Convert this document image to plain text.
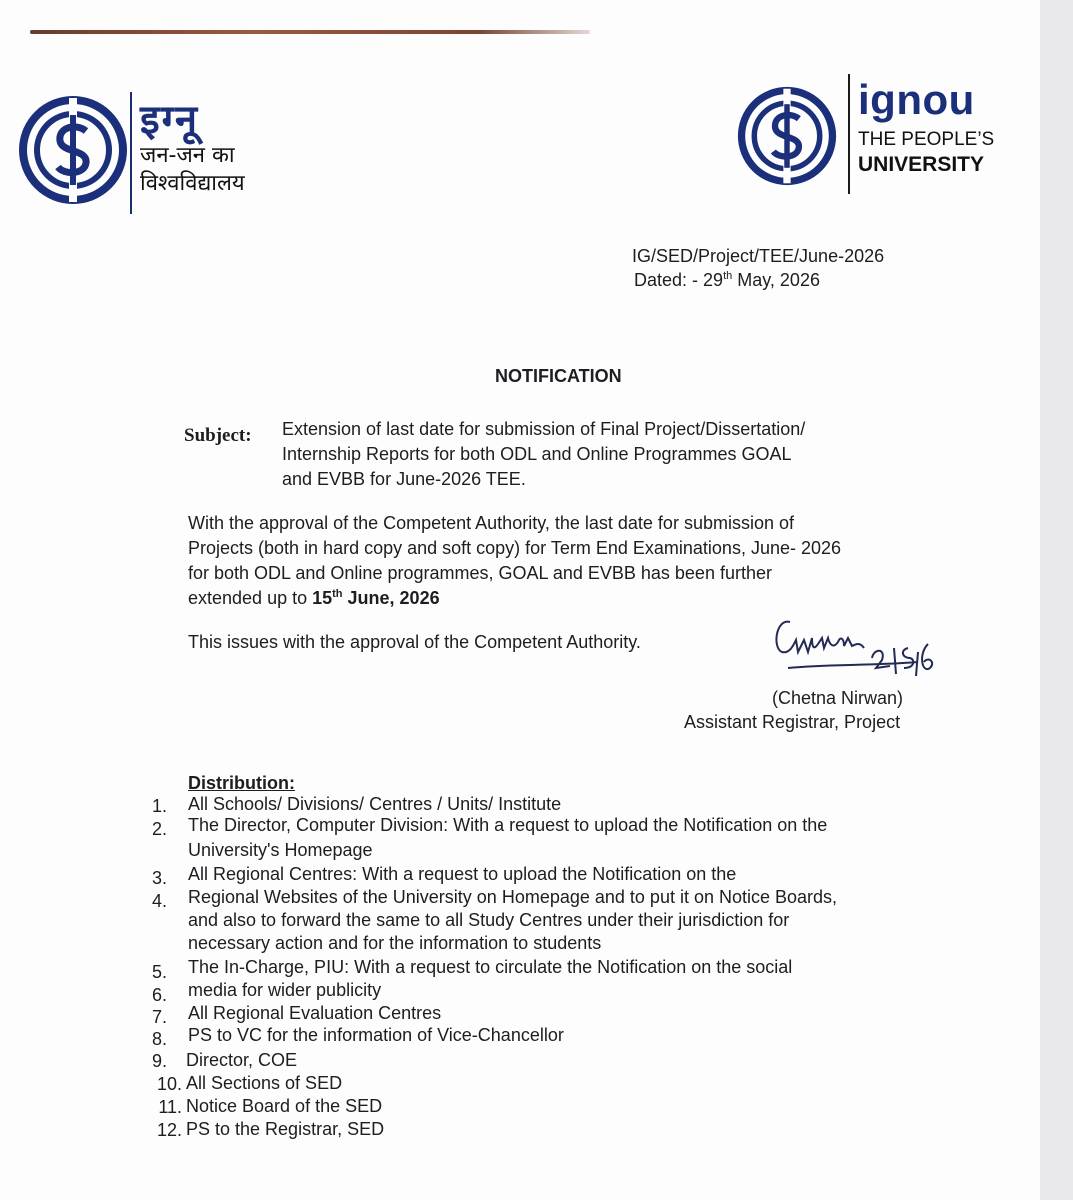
इग्नू
जन-जन का
विश्वविद्यालय
ignou
THE PEOPLE’S
UNIVERSITY
IG/SED/Project/TEE/June-2026
Dated: - 29th May, 2026
NOTIFICATION
Subject: Extension of last date for submission of Final Project/Dissertation/
Internship Reports for both ODL and Online Programmes GOAL
and EVBB for June-2026 TEE.
With the approval of the Competent Authority, the last date for submission of
Projects (both in hard copy and soft copy) for Term End Examinations, June- 2026
for both ODL and Online programmes, GOAL and EVBB has been further
extended up to 15th June, 2026
This issues with the approval of the Competent Authority.
(Chetna Nirwan)
Assistant Registrar, Project
Distribution:
1. All Schools/ Divisions/ Centres / Units/ Institute
2. The Director, Computer Division: With a request to upload the Notification on the
University's Homepage
3. All Regional Centres: With a request to upload the Notification on the
4. Regional Websites of the University on Homepage and to put it on Notice Boards,
and also to forward the same to all Study Centres under their jurisdiction for
necessary action and for the information to students
5. The In-Charge, PIU: With a request to circulate the Notification on the social
6. media for wider publicity
7. All Regional Evaluation Centres
8. PS to VC for the information of Vice-Chancellor
9. Director, COE
10. All Sections of SED
11. Notice Board of the SED
12. PS to the Registrar, SED
